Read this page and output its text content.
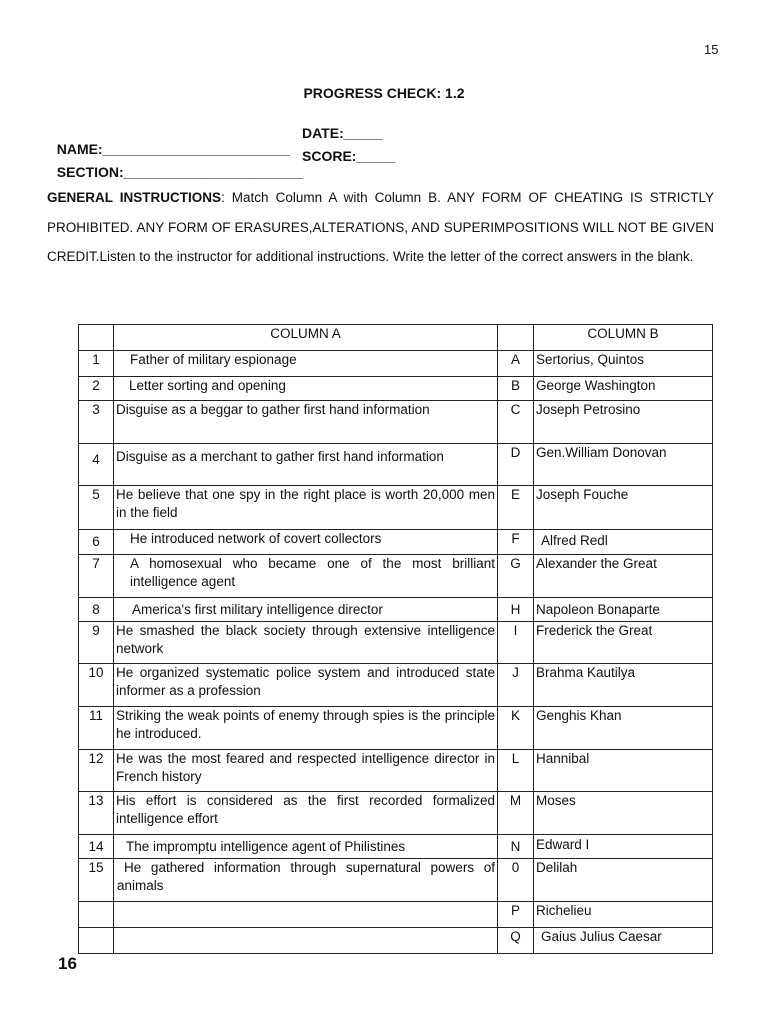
15
PROGRESS CHECK: 1.2

NAME:________________________

DATE:_____

SECTION:_______________________

SCORE:_____

GENERAL INSTRUCTIONS: Match Column A with Column B. ANY FORM OF CHEATING IS STRICTLY PROHIBITED. ANY FORM OF ERASURES,ALTERATIONS, AND SUPERIMPOSITIONS WILL NOT BE GIVEN CREDIT.Listen to the instructor for additional instructions. Write the letter of the correct answers in the blank.
	COLUMN A		COLUMN B
1	Father of military espionage	A	Sertorius, Quintos
2	Letter sorting and opening	B	George Washington
3	Disguise as a beggar to gather first hand information	C	Joseph Petrosino
4	Disguise as a merchant to gather first hand information	D	Gen.William Donovan
5	He believe that one spy in the right place is worth 20,000 men in the field	E	Joseph Fouche
6	He introduced network of covert collectors	F	Alfred Redl
7	A homosexual who became one of the most brilliant intelligence agent	G	Alexander the Great
8	America's first military intelligence director	H	Napoleon Bonaparte
9	He smashed the black society through extensive intelligence network	I	Frederick the Great
10	He organized systematic police system and introduced state informer as a profession	J	Brahma Kautilya
11	Striking the weak points of enemy through spies is the principle he introduced.	K	Genghis Khan
12	He was the most feared and respected intelligence director in French history	L	Hannibal
13	His effort is considered as the first recorded formalized intelligence effort	M	Moses
14	The impromptu intelligence agent of Philistines	N	Edward I
15	He gathered information through supernatural powers of animals	0	Delilah
		P	Richelieu
		Q	Gaius Julius Caesar
16
